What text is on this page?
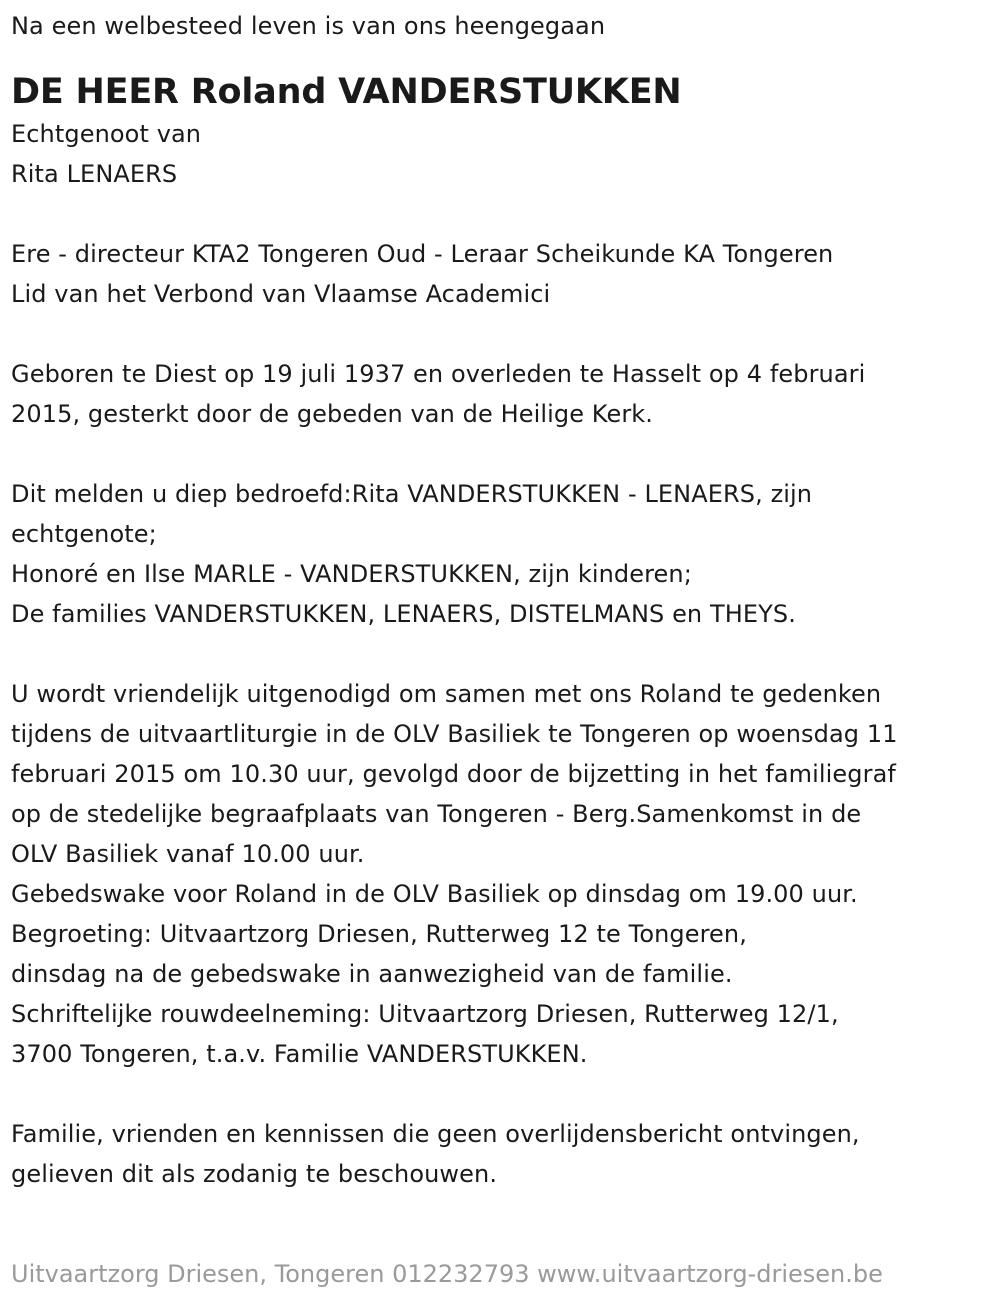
Na een welbesteed leven is van ons heengegaan
DE HEER Roland VANDERSTUKKEN
Echtgenoot van
Rita LENAERS
Ere - directeur KTA2 Tongeren Oud - Leraar Scheikunde KA Tongeren
Lid van het Verbond van Vlaamse Academici
Geboren te Diest op 19 juli 1937 en overleden te Hasselt op 4 februari
2015, gesterkt door de gebeden van de Heilige Kerk.
Dit melden u diep bedroefd:Rita VANDERSTUKKEN - LENAERS, zijn
echtgenote;
Honoré en Ilse MARLE - VANDERSTUKKEN, zijn kinderen;
De families VANDERSTUKKEN, LENAERS, DISTELMANS en THEYS.
U wordt vriendelijk uitgenodigd om samen met ons Roland te gedenken
tijdens de uitvaartliturgie in de OLV Basiliek te Tongeren op woensdag 11
februari 2015 om 10.30 uur, gevolgd door de bijzetting in het familiegraf
op de stedelijke begraafplaats van Tongeren - Berg.Samenkomst in de
OLV Basiliek vanaf 10.00 uur.
Gebedswake voor Roland in de OLV Basiliek op dinsdag om 19.00 uur.
Begroeting: Uitvaartzorg Driesen, Rutterweg 12 te Tongeren,
dinsdag na de gebedswake in aanwezigheid van de familie.
Schriftelijke rouwdeelneming: Uitvaartzorg Driesen, Rutterweg 12/1,
3700 Tongeren, t.a.v. Familie VANDERSTUKKEN.
Familie, vrienden en kennissen die geen overlijdensbericht ontvingen,
gelieven dit als zodanig te beschouwen.
Uitvaartzorg Driesen, Tongeren 012232793 www.uitvaartzorg-driesen.be
